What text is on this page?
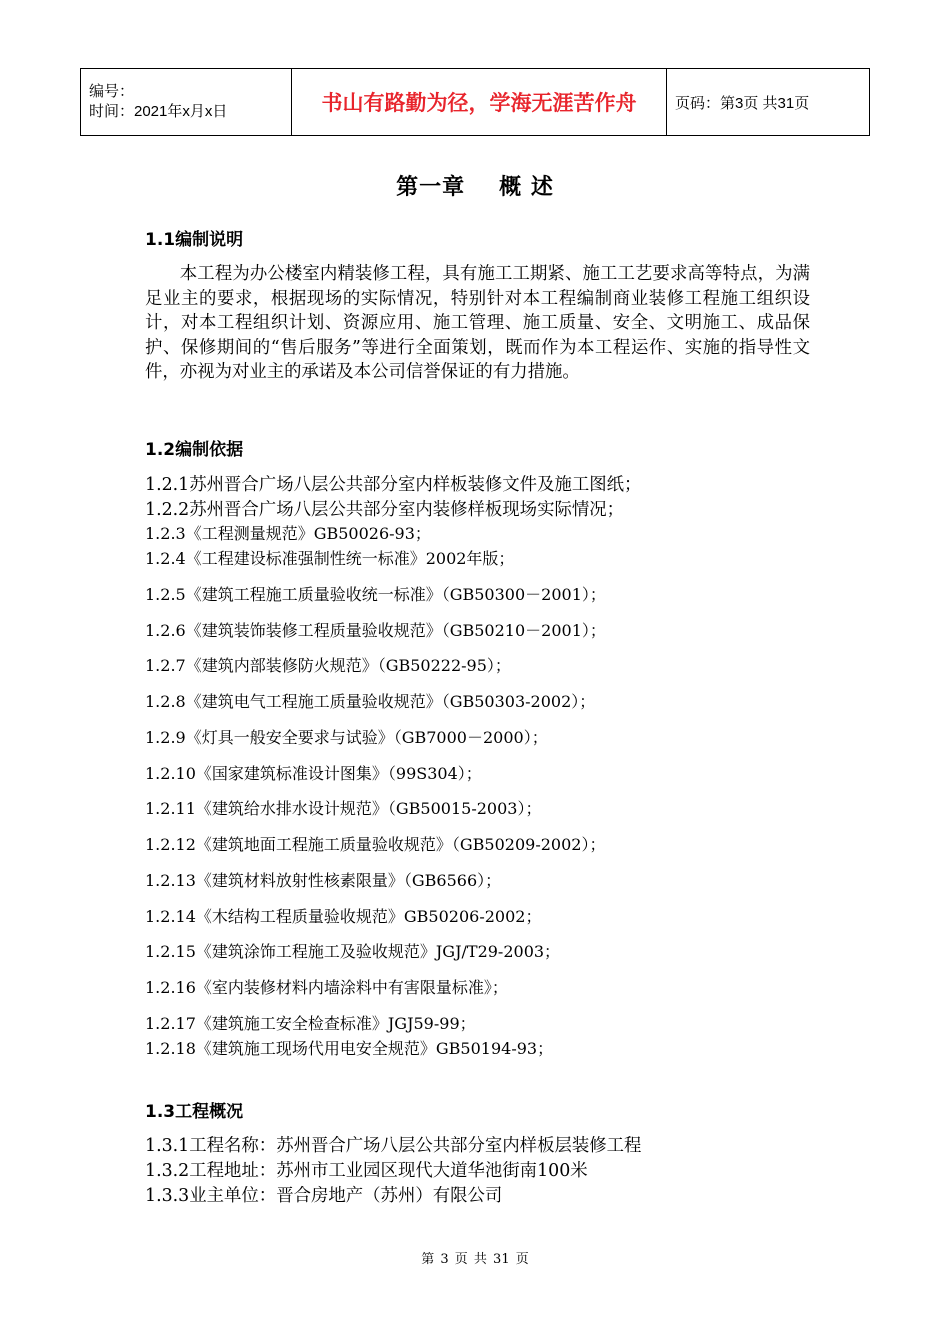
编号：
时间：2021年x月x日	书山有路勤为径，学海无涯苦作舟	页码：第3页 共31页
第一章 概 述
1.1编制说明

本工程为办公楼室内精装修工程，具有施工工期紧、施工工艺要求高等特点，为满足业主的要求，根据现场的实际情况，特别针对本工程编制商业装修工程施工组织设计，对本工程组织计划、资源应用、施工管理、施工质量、安全、文明施工、成品保护、保修期间的“售后服务”等进行全面策划，既而作为本工程运作、实施的指导性文件，亦视为对业主的承诺及本公司信誉保证的有力措施。

1.2编制依据
1.2.1苏州晋合广场八层公共部分室内样板装修文件及施工图纸；
1.2.2苏州晋合广场八层公共部分室内装修样板现场实际情况；
1.2.3《工程测量规范》GB50026-93；
1.2.4《工程建设标准强制性统一标准》2002年版；
1.2.5《建筑工程施工质量验收统一标准》（GB50300－2001）；
1.2.6《建筑装饰装修工程质量验收规范》（GB50210－2001）；
1.2.7《建筑内部装修防火规范》（GB50222-95）；
1.2.8《建筑电气工程施工质量验收规范》（GB50303-2002）；
1.2.9《灯具一般安全要求与试验》（GB7000－2000）；
1.2.10《国家建筑标准设计图集》（99S304）；
1.2.11《建筑给水排水设计规范》（GB50015-2003）；
1.2.12《建筑地面工程施工质量验收规范》（GB50209-2002）；
1.2.13《建筑材料放射性核素限量》（GB6566）；
1.2.14《木结构工程质量验收规范》GB50206-2002；
1.2.15《建筑涂饰工程施工及验收规范》JGJ/T29-2003；
1.2.16《室内装修材料内墙涂料中有害限量标准》；
1.2.17《建筑施工安全检查标准》JGJ59-99；
1.2.18《建筑施工现场代用电安全规范》GB50194-93；
1.3工程概况
1.3.1工程名称：苏州晋合广场八层公共部分室内样板层装修工程
1.3.2工程地址：苏州市工业园区现代大道华池街南100米
1.3.3业主单位：晋合房地产（苏州）有限公司
第 3 页 共 31 页
